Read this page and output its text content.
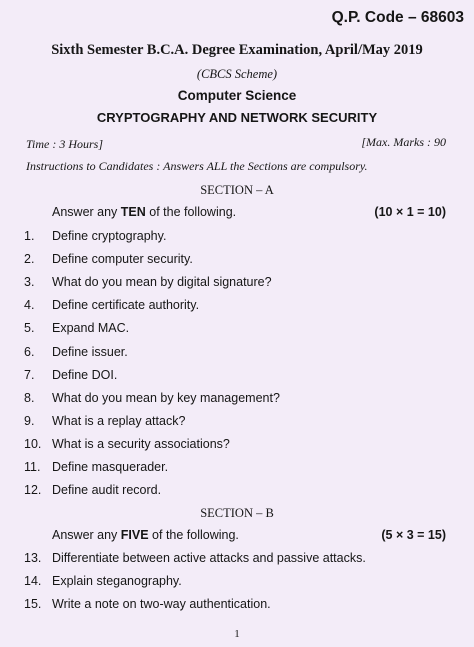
Q.P. Code – 68603
Sixth Semester B.C.A. Degree Examination, April/May 2019
(CBCS Scheme)
Computer Science
CRYPTOGRAPHY AND NETWORK SECURITY
Time : 3 Hours]	[Max. Marks : 90
Instructions to Candidates : Answers ALL the Sections are compulsory.
SECTION – A
Answer any TEN of the following.	(10 × 1 = 10)
1.	Define cryptography.
2.	Define computer security.
3.	What do you mean by digital signature?
4.	Define certificate authority.
5.	Expand MAC.
6.	Define issuer.
7.	Define DOI.
8.	What do you mean by key management?
9.	What is a replay attack?
10. What is a security associations?
11. Define masquerader.
12. Define audit record.
SECTION – B
Answer any FIVE of the following.	(5 × 3 = 15)
13. Differentiate between active attacks and passive attacks.
14. Explain steganography.
15. Write a note on two-way authentication.
1
